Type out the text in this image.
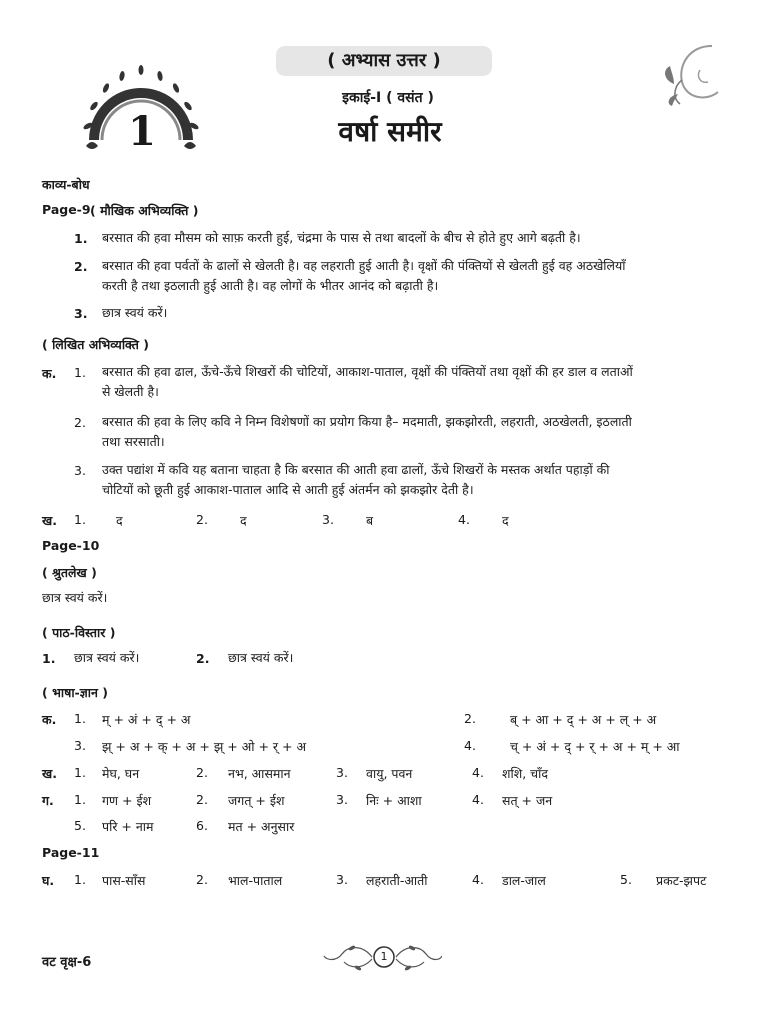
( अभ्यास उत्तर )
इकाई-I ( वसंत )
वर्षा समीर
1
काव्य-बोध
Page-9 ( मौखिक अभिव्यक्ति )
1. बरसात की हवा मौसम को साफ़ करती हुई, चंद्रमा के पास से तथा बादलों के बीच से होते हुए आगे बढ़ती है।
2. बरसात की हवा पर्वतों के ढालों से खेलती है। वह लहराती हुई आती है। वृक्षों की पंक्तियों से खेलती हुई वह अठखेलियाँ
करती है तथा इठलाती हुई आती है। वह लोगों के भीतर आनंद को बढ़ाती है।
3. छात्र स्वयं करें।
( लिखित अभिव्यक्ति )
क. 1. बरसात की हवा ढाल, ऊँचे-ऊँचे शिखरों की चोटियों, आकाश-पाताल, वृक्षों की पंक्तियों तथा वृक्षों की हर डाल व लताओं
से खेलती है।
2. बरसात की हवा के लिए कवि ने निम्न विशेषणों का प्रयोग किया है– मदमाती, झकझोरती, लहराती, अठखेलती, इठलाती
तथा सरसाती।
3. उक्त पद्यांश में कवि यह बताना चाहता है कि बरसात की आती हवा ढालों, ऊँचे शिखरों के मस्तक अर्थात पहाड़ों की
चोटियों को छूती हुई आकाश-पाताल आदि से आती हुई अंतर्मन को झकझोर देती है।
ख. 1. द	2.	द	3.	ब	4.	द
Page-10
( श्रुतलेख )
छात्र स्वयं करें।
( पाठ-विस्तार )
1. छात्र स्वयं करें।	2. छात्र स्वयं करें।
( भाषा-ज्ञान )
क. 1. म् + अं + द् + अ	2.	ब् + आ + द् + अ + ल् + अ
3. झ् + अ + क् + अ + झ् + ओ + र् + अ	4.	च् + अं + द् + र् + अ + म् + आ
ख. 1. मेघ, घन	2. नभ, आसमान	3. वायु, पवन	4. शशि, चाँद
ग. 1. गण + ईश	2. जगत् + ईश	3. निः + आशा	4. सत् + जन
5. परि + नाम	6. मत + अनुसार
Page-11
घ. 1. पास-साँस	2. भाल-पाताल	3. लहराती-आती	4. डाल-जाल	5. प्रकट-झपट
वट वृक्ष-6	1
